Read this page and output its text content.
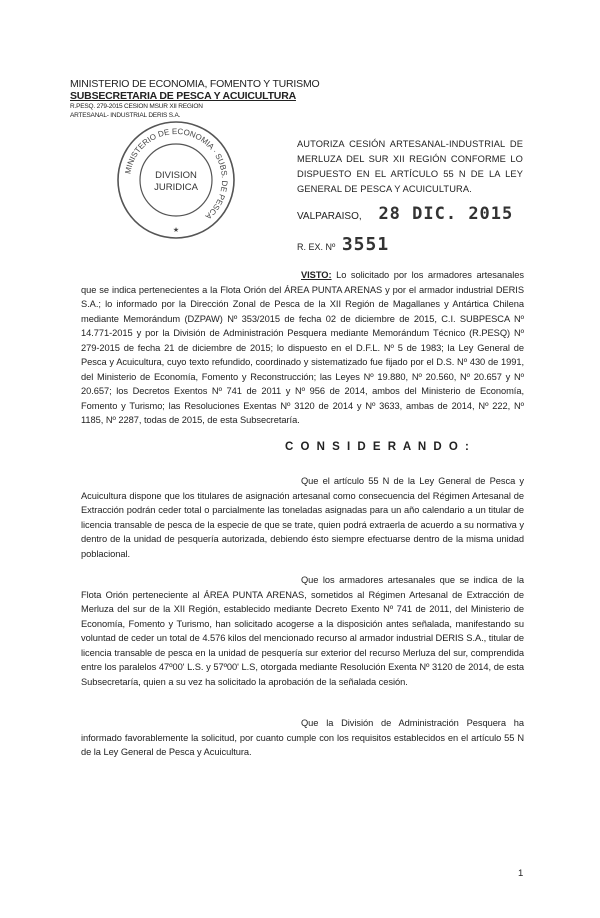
MINISTERIO DE ECONOMIA, FOMENTO Y TURISMO
SUBSECRETARIA DE PESCA Y ACUICULTURA
R.PESQ. 279-2015 CESION MSUR XII REGION
ARTESANAL- INDUSTRIAL DERIS S.A.
MINISTERIO DE ECONOMIA · SUBS. DE PESCA
DIVISION
JURIDICA
★
AUTORIZA CESIÓN ARTESANAL-INDUSTRIAL DE MERLUZA DEL SUR XII REGIÓN CONFORME LO DISPUESTO EN EL ARTÍCULO 55 N DE LA LEY GENERAL DE PESCA Y ACUICULTURA.
VALPARAISO, 28 DIC. 2015
R. EX. Nº 3551
VISTO: Lo solicitado por los armadores artesanales que se indica pertenecientes a la Flota Orión del ÁREA PUNTA ARENAS y por el armador industrial DERIS S.A.; lo informado por la Dirección Zonal de Pesca de la XII Región de Magallanes y Antártica Chilena mediante Memorándum (DZPAW) Nº 353/2015 de fecha 02 de diciembre de 2015, C.I. SUBPESCA Nº 14.771-2015 y por la División de Administración Pesquera mediante Memorándum Técnico (R.PESQ) Nº 279-2015 de fecha 21 de diciembre de 2015; lo dispuesto en el D.F.L. Nº 5 de 1983; la Ley General de Pesca y Acuicultura, cuyo texto refundido, coordinado y sistematizado fue fijado por el D.S. Nº 430 de 1991, del Ministerio de Economía, Fomento y Reconstrucción; las Leyes Nº 19.880, Nº 20.560, Nº 20.657 y Nº 20.657; los Decretos Exentos Nº 741 de 2011 y Nº 956 de 2014, ambos del Ministerio de Economía, Fomento y Turismo; las Resoluciones Exentas Nº 3120 de 2014 y Nº 3633, ambas de 2014, Nº 222, Nº 1185, Nº 2287, todas de 2015, de esta Subsecretaría.
C O N S I D E R A N D O :
Que el artículo 55 N de la Ley General de Pesca y Acuicultura dispone que los titulares de asignación artesanal como consecuencia del Régimen Artesanal de Extracción podrán ceder total o parcialmente las toneladas asignadas para un año calendario a un titular de licencia transable de pesca de la especie de que se trate, quien podrá extraerla de acuerdo a su normativa y dentro de la unidad de pesquería autorizada, debiendo ésto siempre efectuarse dentro de la misma unidad poblacional.
Que los armadores artesanales que se indica de la Flota Orión perteneciente al ÁREA PUNTA ARENAS, sometidos al Régimen Artesanal de Extracción de Merluza del sur de la XII Región, establecido mediante Decreto Exento Nº 741 de 2011, del Ministerio de Economía, Fomento y Turismo, han solicitado acogerse a la disposición antes señalada, manifestando su voluntad de ceder un total de 4.576 kilos del mencionado recurso al armador industrial DERIS S.A., titular de licencia transable de pesca en la unidad de pesquería sur exterior del recurso Merluza del sur, comprendida entre los paralelos 47º00' L.S. y 57º00' L.S, otorgada mediante Resolución Exenta Nº 3120 de 2014, de esta Subsecretaría, quien a su vez ha solicitado la aprobación de la señalada cesión.
Que la División de Administración Pesquera ha informado favorablemente la solicitud, por cuanto cumple con los requisitos establecidos en el artículo 55 N de la Ley General de Pesca y Acuicultura.
1
